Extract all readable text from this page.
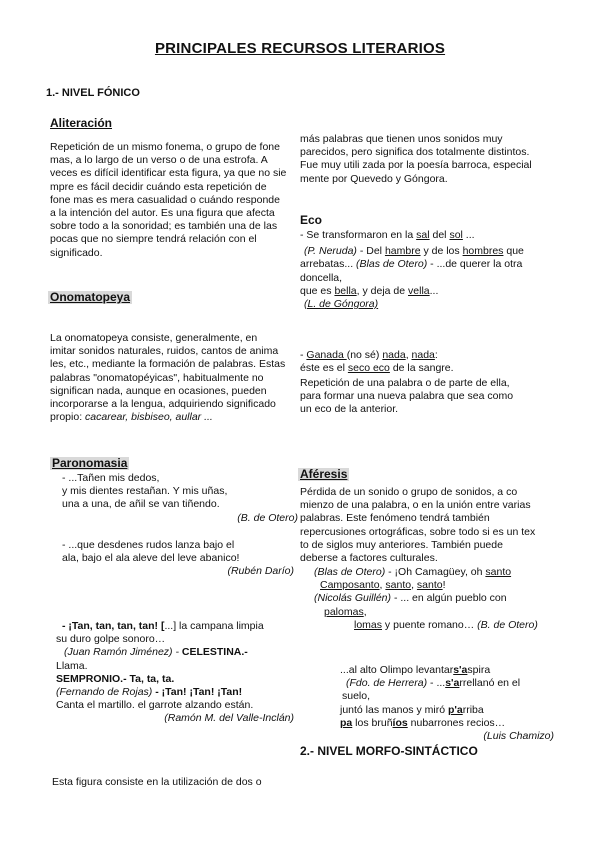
PRINCIPALES RECURSOS LITERARIOS
1.- NIVEL FÓNICO
Aliteración

Repetición de un mismo fonema, o grupo de fone

mas, a lo largo de un verso o de una estrofa. A

veces es difícil identificar esta figura, ya que no sie

mpre es fácil decidir cuándo esta repetición de

fone mas es mera casualidad o cuándo responde

a la intención del autor. Es una figura que afecta

sobre todo a la sonoridad; es también una de las

pocas que no siempre tendrá relación con el

significado.

Onomatopeya

La onomatopeya consiste, generalmente, en

imitar sonidos naturales, ruidos, cantos de anima

les, etc., mediante la formación de palabras. Estas

palabras "onomatopéyicas", habitualmente no

significan nada, aunque en ocasiones, pueden

incorporarse a la lengua, adquiriendo significado

propio: cacarear, bisbiseo, aullar ...

Paronomasia

- ...Tañen mis dedos,

y mis dientes restañan. Y mis uñas,

una a una, de añil se van tiñendo.

(B. de Otero)

- ...que desdenes rudos lanza bajo el

ala, bajo el ala aleve del leve abanico!

(Rubén Darío)

- ¡Tan, tan, tan, tan! [...] la campana limpia

su duro golpe sonoro…

(Juan Ramón Jiménez) - CELESTINA.-

Llama.

SEMPRONIO.- Ta, ta, ta.

(Fernando de Rojas) - ¡Tan! ¡Tan! ¡Tan!

Canta el martillo. el garrote alzando están.

(Ramón M. del Valle-Inclán)

Esta figura consiste en la utilización de dos o

más palabras que tienen unos sonidos muy

parecidos, pero significa dos totalmente distintos.

Fue muy utili zada por la poesía barroca, especial

mente por Quevedo y Góngora.

Eco

- Se transformaron en la sal del sol ...

(P. Neruda) - Del hambre y de los hombres que

arrebatas... (Blas de Otero) - ...de querer la otra

doncella,

que es bella, y deja de vella...

(L. de Góngora)

- Ganada (no sé) nada, nada:

éste es el seco eco de la sangre.

Repetición de una palabra o de parte de ella,

para formar una nueva palabra que sea como

un eco de la anterior.

Aféresis

Pérdida de un sonido o grupo de sonidos, a co

mienzo de una palabra, o en la unión entre varias

palabras. Este fenómeno tendrá también

repercusiones ortográficas, sobre todo si es un tex

to de siglos muy anteriores. También puede

deberse a factores culturales.

(Blas de Otero) - ¡Oh Camagüey, oh santo

Camposanto, santo, santo!

(Nicolás Guillén) - ... en algún pueblo con

palomas,

lomas y puente romano… (B. de Otero)

...al alto Olimpo levantars'aspira

(Fdo. de Herrera) - ...s'arrellanó en el

suelo,

juntó las manos y miró p'arriba

pa los bruñíos nubarrones recios…

(Luis Chamizo)

2.- NIVEL MORFO-SINTÁCTICO
